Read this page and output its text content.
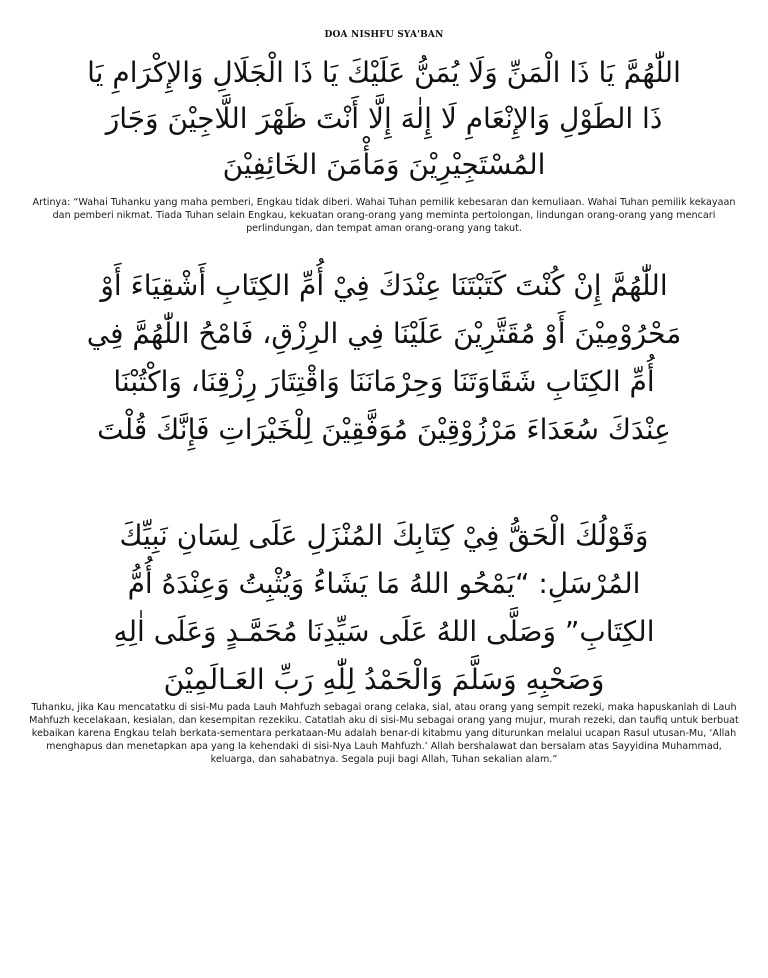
DOA NISHFU SYA'BAN
اللّٰهُمَّ يَا ذَا الْمَنِّ وَلَا يُمَنُّ عَلَيْكَ يَا ذَا الْجَلَالِ وَالإِكْرَامِ يَا
ذَا الطَوْلِ وَالإِنْعَامِ لَا إِلٰهَ إِلَّا أَنْتَ ظَهْرَ اللَّاجِيْنَ وَجَارَ
المُسْتَجِيْرِيْنَ وَمَأْمَنَ الخَائِفِيْنَ
Artinya: “Wahai Tuhanku yang maha pemberi, Engkau tidak diberi. Wahai Tuhan pemilik kebesaran dan kemuliaan. Wahai Tuhan pemilik kekayaan dan pemberi nikmat. Tiada Tuhan selain Engkau, kekuatan orang-orang yang meminta pertolongan, lindungan orang-orang yang mencari perlindungan, dan tempat aman orang-orang yang takut.
اللّٰهُمَّ إِنْ كُنْتَ كَتَبْتَنَا عِنْدَكَ فِيْ أُمِّ الكِتَابِ أَشْقِيَاءَ أَوْ
مَحْرُوْمِيْنَ أَوْ مُقَتَّرِيْنَ عَلَيْنَا فِي الرِزْقِ، فَامْحُ اللّٰهُمَّ فِي
أُمِّ الكِتَابِ شَقَاوَتَنَا وَحِرْمَانَنَا وَاقْتِتَارَ رِزْقِنَا، وَاكْتُبْنَا
عِنْدَكَ سُعَدَاءَ مَرْزُوْقِيْنَ مُوَفَّقِيْنَ لِلْخَيْرَاتِ فَإِنَّكَ قُلْتَ
وَقَوْلُكَ الْحَقُّ فِيْ كِتَابِكَ المُنْزَلِ عَلَى لِسَانِ نَبِيِّكَ
المُرْسَلِ: “يَمْحُو اللهُ مَا يَشَاءُ وَيُثْبِتُ وَعِنْدَهُ أُمُّ
الكِتَابِ” وَصَلَّى اللهُ عَلَى سَيِّدِنَا مُحَمَّـدٍ وَعَلَى اٰلِهِ
وَصَحْبِهِ وَسَلَّمَ وَالْحَمْدُ لِلّٰهِ رَبِّ العَـالَمِيْنَ
Tuhanku, jika Kau mencatatku di sisi-Mu pada Lauh Mahfuzh sebagai orang celaka, sial, atau orang yang sempit rezeki, maka hapuskanlah di Lauh Mahfuzh kecelakaan, kesialan, dan kesempitan rezekiku. Catatlah aku di sisi-Mu sebagai orang yang mujur, murah rezeki, dan taufiq untuk berbuat kebaikan karena Engkau telah berkata-sementara perkataan-Mu adalah benar-di kitabmu yang diturunkan melalui ucapan Rasul utusan-Mu, ‘Allah menghapus dan menetapkan apa yang Ia kehendaki di sisi-Nya Lauh Mahfuzh.’ Allah bershalawat dan bersalam atas Sayyidina Muhammad, keluarga, dan sahabatnya. Segala puji bagi Allah, Tuhan sekalian alam.”
